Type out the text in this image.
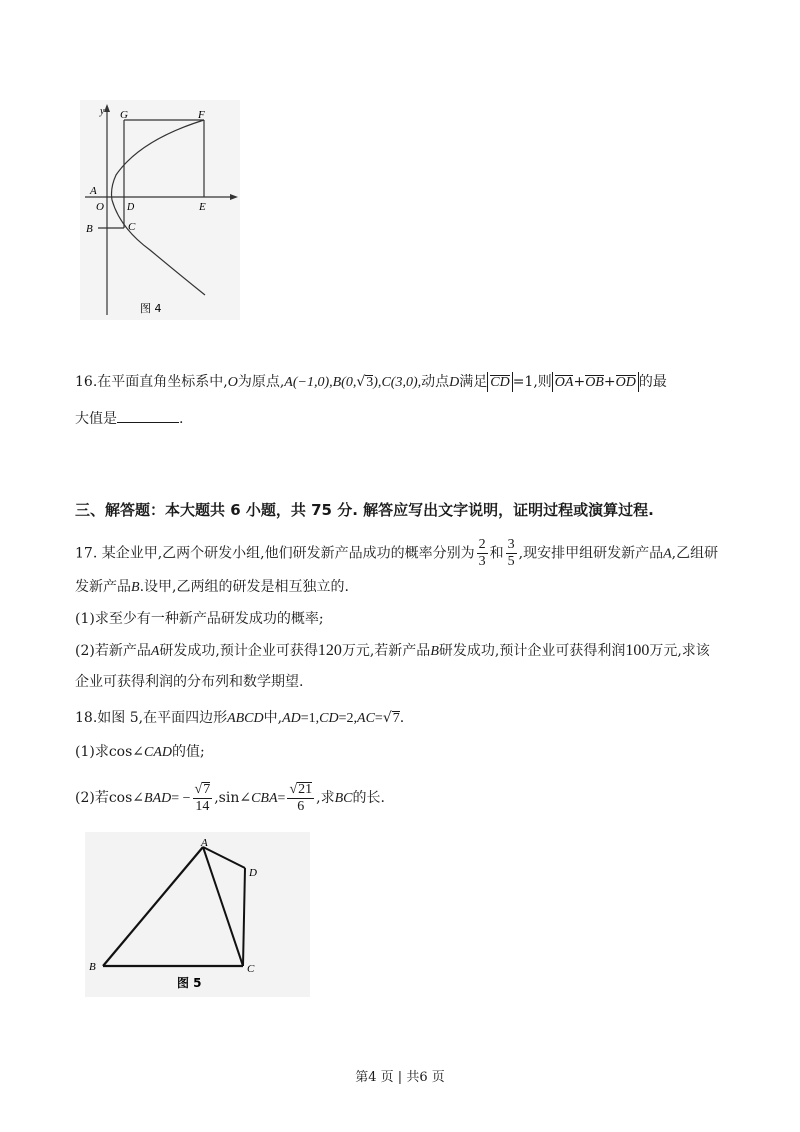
y G	F
A
O D	E
B	C
图 4
16.在平面直角坐标系中,O为原点,A(−1,0),B(0,√3),C(3,0),动点D满足 CD =1,则 OA+OB+OD 的最
大值是	.
三、解答题：本大题共 6 小题，共 75 分. 解答应写出文字说明，证明过程或演算过程.
17. 某企业甲,乙两个研发小组,他们研发新产品成功的概率分别为 $\frac{2}{3}$ 和 $\frac{3}{5}$ ,现安排甲组研发新产品A,乙组研
发新产品B.设甲,乙两组的研发是相互独立的.
(1)求至少有一种新产品研发成功的概率;
(2)若新产品A研发成功,预计企业可获得120万元,若新产品B研发成功,预计企业可获得利润100万元,求该
企业可获得利润的分布列和数学期望.
18.如图 5,在平面四边形ABCD中,AD=1,CD=2,AC=√7.
(1)求cos∠CAD的值;
(2)若cos∠BAD= − $\frac{√7}{14}$ ,sin∠CBA= $\frac{√21}{6}$ ,求BC的长.
A
B	C
D
图 5
第4 页 | 共6 页
